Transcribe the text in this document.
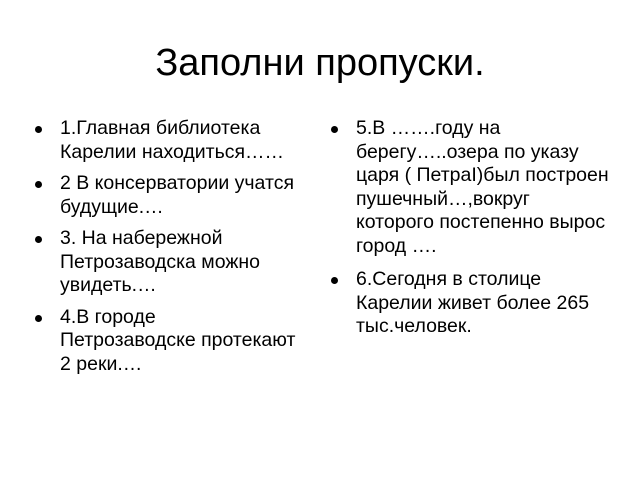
Заполни пропуски.
1.Главная библиотека Карелии находиться……
2 В консерватории учатся будущие.…
3. На набережной Петрозаводска можно увидеть.…
4.В городе Петрозаводске протекают 2 реки.…
5.В …….году на берегу…..озера по указу царя ( ПетраI)был построен пушечный…,вокруг которого постепенно вырос город ….
6.Сегодня в столице Карелии живет более 265 тыс.человек.
